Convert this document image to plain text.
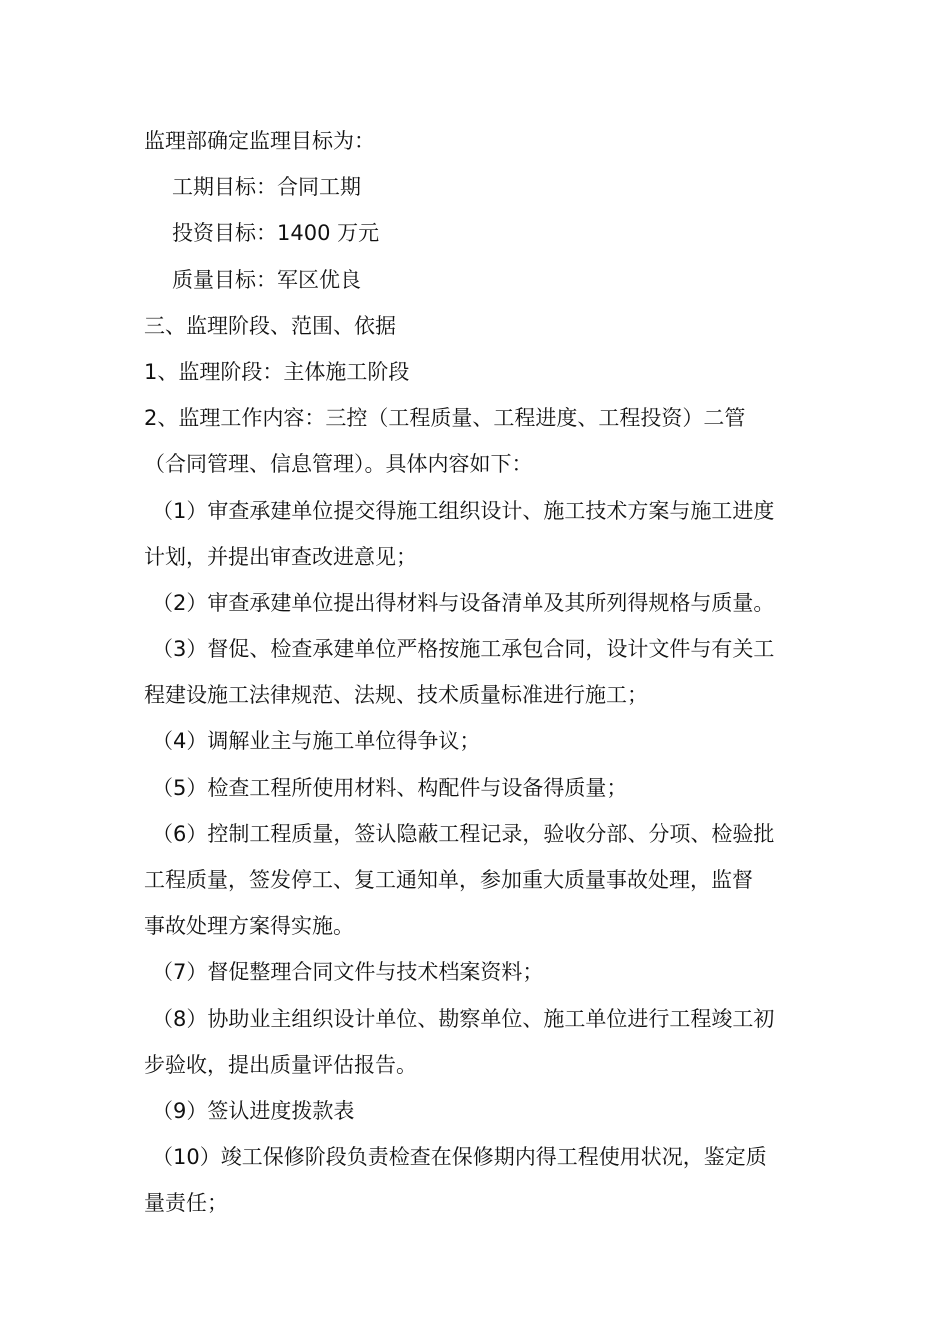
监理部确定监理目标为：

工期目标：合同工期

投资目标：1400 万元

质量目标：军区优良

三、监理阶段、范围、依据

1、监理阶段：主体施工阶段

2、监理工作内容：三控（工程质量、工程进度、工程投资）二管

（合同管理、信息管理）。具体内容如下：

（1）审查承建单位提交得施工组织设计、施工技术方案与施工进度

计划，并提出审查改进意见；

（2）审查承建单位提出得材料与设备清单及其所列得规格与质量。

（3）督促、检查承建单位严格按施工承包合同，设计文件与有关工

程建设施工法律规范、法规、技术质量标准进行施工；

（4）调解业主与施工单位得争议；

（5）检查工程所使用材料、构配件与设备得质量；

（6）控制工程质量，签认隐蔽工程记录，验收分部、分项、检验批

工程质量，签发停工、复工通知单，参加重大质量事故处理，监督

事故处理方案得实施。

（7）督促整理合同文件与技术档案资料；

（8）协助业主组织设计单位、勘察单位、施工单位进行工程竣工初

步验收，提出质量评估报告。

（9）签认进度拨款表

（10）竣工保修阶段负责检查在保修期内得工程使用状况，鉴定质

量责任；
